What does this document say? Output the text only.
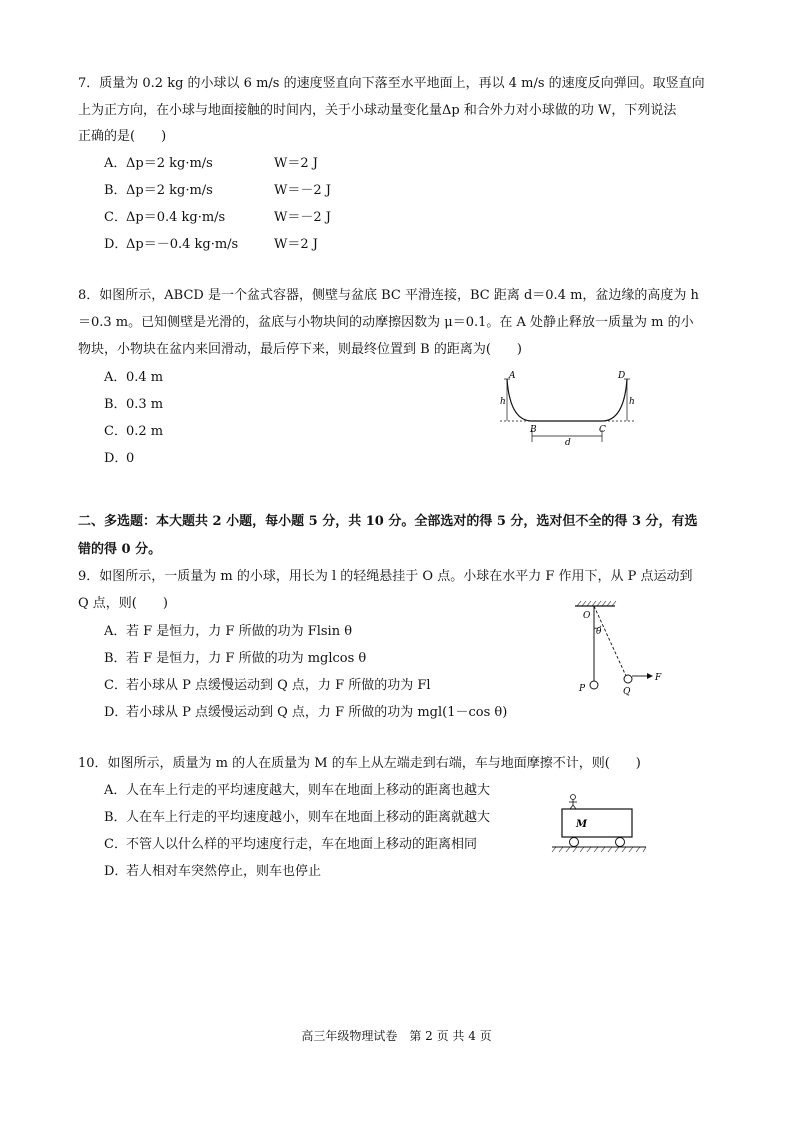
7．质量为 0.2 kg 的小球以 6 m/s 的速度竖直向下落至水平地面上，再以 4 m/s 的速度反向弹回。取竖直向
上为正方向，在小球与地面接触的时间内，关于小球动量变化量Δp 和合外力对小球做的功 W，下列说法
正确的是(　　)
A．Δp＝2 kg·m/s	W＝2 J
B．Δp＝2 kg·m/s	W＝－2 J
C．Δp＝0.4 kg·m/s	W＝－2 J
D．Δp＝－0.4 kg·m/s	W＝2 J
8．如图所示，ABCD 是一个盆式容器，侧壁与盆底 BC 平滑连接，BC 距离 d＝0.4 m，盆边缘的高度为 h
＝0.3 m。已知侧壁是光滑的，盆底与小物块间的动摩擦因数为 μ＝0.1。在 A 处静止释放一质量为 m 的小
物块，小物块在盆内来回滑动，最后停下来，则最终位置到 B 的距离为(　　)
A．0.4 m
B．0.3 m
C．0.2 m
D．0
A	D
h	h
B	C
d
二、多选题：本大题共 2 小题，每小题 5 分，共 10 分。全部选对的得 5 分，选对但不全的得 3 分，有选
错的得 0 分。
9．如图所示，一质量为 m 的小球，用长为 l 的轻绳悬挂于 O 点。小球在水平力 F 作用下，从 P 点运动到
Q 点，则(　　)
A．若 F 是恒力，力 F 所做的功为 Flsin θ
B．若 F 是恒力，力 F 所做的功为 mglcos θ
C．若小球从 P 点缓慢运动到 Q 点，力 F 所做的功为 Fl
D．若小球从 P 点缓慢运动到 Q 点，力 F 所做的功为 mgl(1－cos θ)
O
θ
P	Q
F
10．如图所示，质量为 m 的人在质量为 M 的车上从左端走到右端，车与地面摩擦不计，则(　　)
A．人在车上行走的平均速度越大，则车在地面上移动的距离也越大
B．人在车上行走的平均速度越小，则车在地面上移动的距离就越大
C．不管人以什么样的平均速度行走，车在地面上移动的距离相同
D．若人相对车突然停止，则车也停止
M
高三年级物理试卷　第 2 页 共 4 页
